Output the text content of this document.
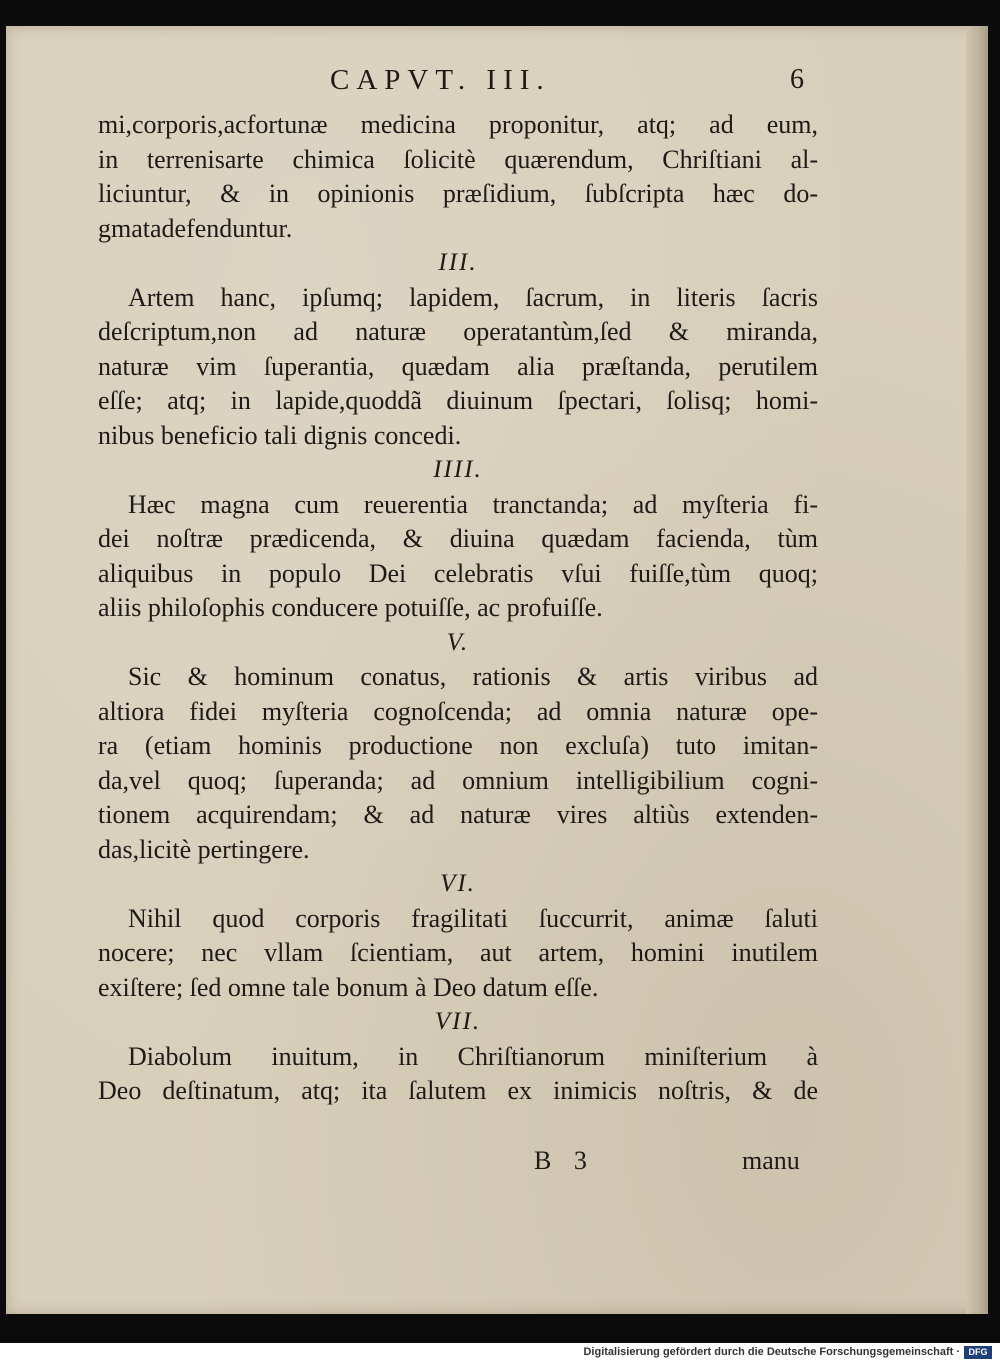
CAPVT. III.	6
mi,corporis,acfortunæ medicina proponitur, atq; ad eum,
in terrenisarte chimica ſolicitè quærendum, Chriſtiani al-
liciuntur, & in opinionis præſidium, ſubſcripta hæc do-
gmatadefenduntur.
III.
Artem hanc, ipſumq; lapidem, ſacrum, in literis ſacris
deſcriptum,non ad naturæ operatantùm,ſed & miranda,
naturæ vim ſuperantia, quædam alia præſtanda, perutilem
eſſe; atq; in lapide,quoddã diuinum ſpectari, ſolisq; homi-
nibus beneficio tali dignis concedi.
IIII.
Hæc magna cum reuerentia tranctanda; ad myſteria fi-
dei noſtræ prædicenda, & diuina quædam facienda, tùm
aliquibus in populo Dei celebratis vſui fuiſſe,tùm quoq;
aliis philoſophis conducere potuiſſe, ac profuiſſe.
V.
Sic & hominum conatus, rationis & artis viribus ad
altiora fidei myſteria cognoſcenda; ad omnia naturæ ope-
ra (etiam hominis productione non excluſa) tuto imitan-
da,vel quoq; ſuperanda; ad omnium intelligibilium cogni-
tionem acquirendam; & ad naturæ vires altiùs extenden-
das,licitè pertingere.
VI.
Nihil quod corporis fragilitati ſuccurrit, animæ ſaluti
nocere; nec vllam ſcientiam, aut artem, homini inutilem
exiſtere; ſed omne tale bonum à Deo datum eſſe.
VII.
Diabolum inuitum, in Chriſtianorum miniſterium à
Deo deſtinatum, atq; ita ſalutem ex inimicis noſtris, & de
B 3	manu
Digitalisierung gefördert durch die Deutsche Forschungsgemeinschaft · DFG
